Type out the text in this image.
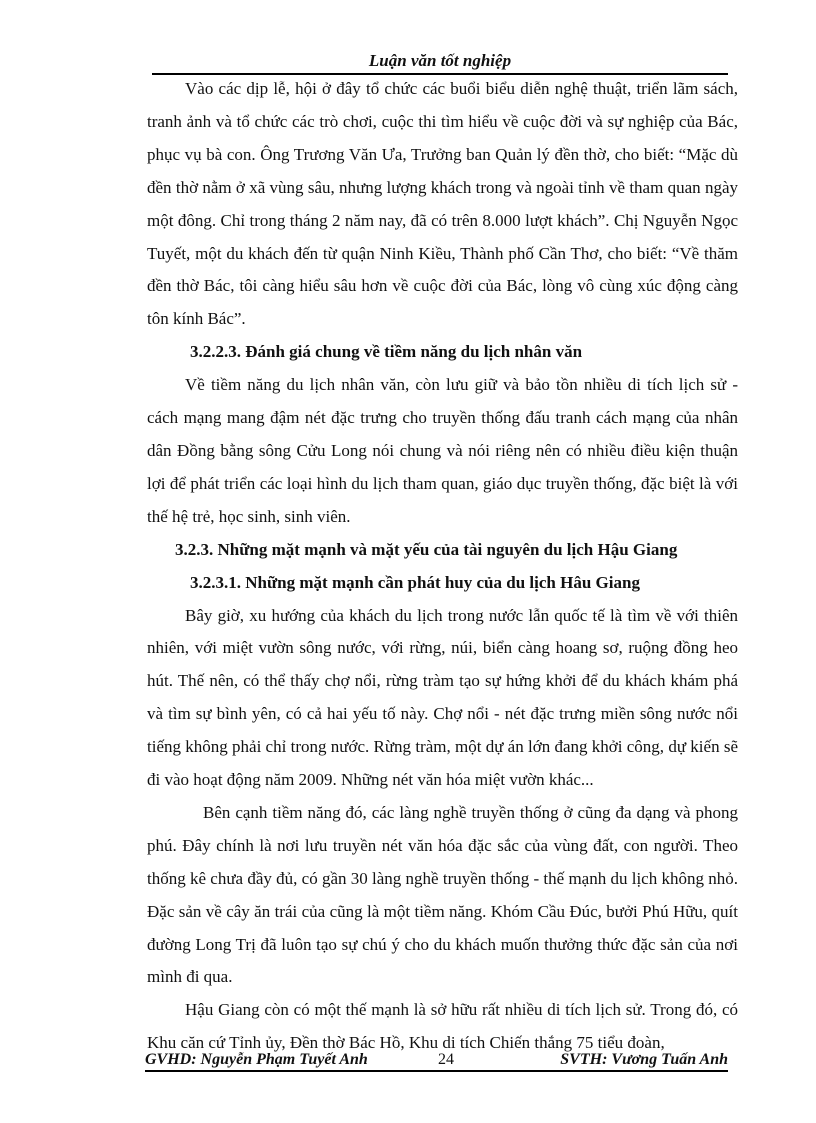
Luận văn tốt nghiệp

Vào các dịp lễ, hội ở đây tổ chức các buổi biểu diễn nghệ thuật, triển lãm sách, tranh ảnh và tổ chức các trò chơi, cuộc thi tìm hiểu về cuộc đời và sự nghiệp của Bác, phục vụ bà con. Ông Trương Văn Ưa, Trưởng ban Quản lý đền thờ, cho biết: “Mặc dù đền thờ nằm ở xã vùng sâu, nhưng lượng khách trong và ngoài tỉnh về tham quan ngày một đông. Chỉ trong tháng 2 năm nay, đã có trên 8.000 lượt khách”. Chị Nguyễn Ngọc Tuyết, một du khách đến từ quận Ninh Kiều, Thành phố Cần Thơ, cho biết: “Về thăm đền thờ Bác, tôi càng hiểu sâu hơn về cuộc đời của Bác, lòng vô cùng xúc động càng tôn kính Bác”.

3.2.2.3. Đánh giá chung về tiềm năng du lịch nhân văn

Về tiềm năng du lịch nhân văn, còn lưu giữ và bảo tồn nhiều di tích lịch sử - cách mạng mang đậm nét đặc trưng cho truyền thống đấu tranh cách mạng của nhân dân Đồng bằng sông Cửu Long nói chung và nói riêng nên có nhiều điều kiện thuận lợi để phát triển các loại hình du lịch tham quan, giáo dục truyền thống, đặc biệt là với thế hệ trẻ, học sinh, sinh viên.

3.2.3. Những mặt mạnh và mặt yếu của tài nguyên du lịch Hậu Giang

3.2.3.1. Những mặt mạnh cần phát huy của du lịch Hâu Giang

Bây giờ, xu hướng của khách du lịch trong nước lẫn quốc tế là tìm về với thiên nhiên, với miệt vườn sông nước, với rừng, núi, biển càng hoang sơ, ruộng đồng heo hút. Thế nên, có thể thấy chợ nổi, rừng tràm tạo sự hứng khởi để du khách khám phá và tìm sự bình yên, có cả hai yếu tố này. Chợ nổi - nét đặc trưng miền sông nước nổi tiếng không phải chỉ trong nước. Rừng tràm, một dự án lớn đang khởi công, dự kiến sẽ đi vào hoạt động năm 2009. Những nét văn hóa miệt vườn khác...

Bên cạnh tiềm năng đó, các làng nghề truyền thống ở cũng đa dạng và phong phú. Đây chính là nơi lưu truyền nét văn hóa đặc sắc của vùng đất, con người. Theo thống kê chưa đầy đủ, có gần 30 làng nghề truyền thống - thế mạnh du lịch không nhỏ. Đặc sản về cây ăn trái của cũng là một tiềm năng. Khóm Cầu Đúc, bưởi Phú Hữu, quít đường Long Trị đã luôn tạo sự chú ý cho du khách muốn thưởng thức đặc sản của nơi mình đi qua.

Hậu Giang còn có một thế mạnh là sở hữu rất nhiều di tích lịch sử. Trong đó, có Khu căn cứ Tỉnh ủy, Đền thờ Bác Hồ, Khu di tích Chiến thắng 75 tiểu đoàn,

GVHD: Nguyễn Phạm Tuyết Anh	24	SVTH: Vương Tuấn Anh
